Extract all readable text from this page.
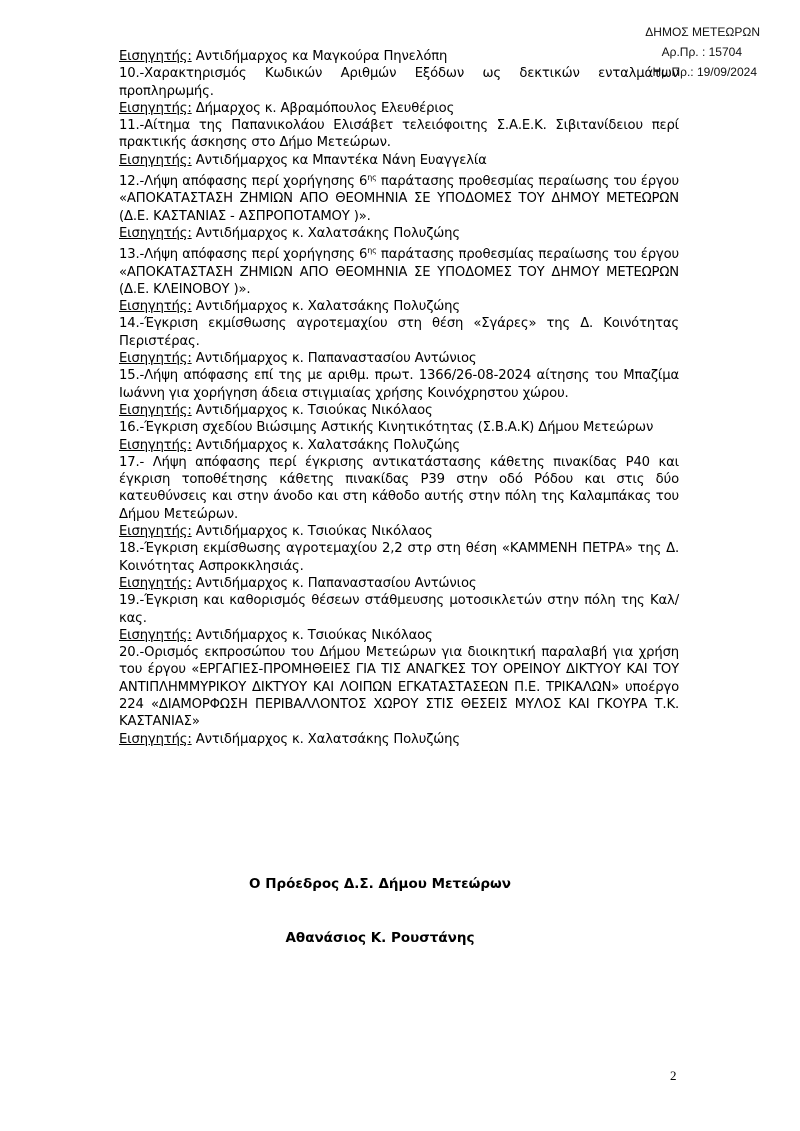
ΔΗΜΟΣ ΜΕΤΕΩΡΩΝ
Αρ.Πρ. : 15704
Ημ.Πρ.: 19/09/2024

Εισηγητής: Αντιδήμαρχος κα Μαγκούρα Πηνελόπη

10.-Χαρακτηρισμός Κωδικών Αριθμών Εξόδων ως δεκτικών ενταλμάτων προπληρωμής.

Εισηγητής: Δήμαρχος κ. Αβραμόπουλος Ελευθέριος

11.-Αίτημα της Παπανικολάου Ελισάβετ τελειόφοιτης Σ.Α.Ε.Κ. Σιβιτανίδειου περί πρακτικής άσκησης στο Δήμο Μετεώρων.

Εισηγητής: Αντιδήμαρχος κα Μπαντέκα Νάνη Ευαγγελία

12.-Λήψη απόφασης περί χορήγησης $6^{\eta\varsigma}$ παράτασης προθεσμίας περαίωσης του έργου «ΑΠΟΚΑΤΑΣΤΑΣΗ ΖΗΜΙΩΝ ΑΠΟ ΘΕΟΜΗΝΙΑ ΣΕ ΥΠΟΔΟΜΕΣ ΤΟΥ ΔΗΜΟΥ ΜΕΤΕΩΡΩΝ (Δ.Ε. ΚΑΣΤΑΝΙΑΣ - ΑΣΠΡΟΠΟΤΑΜΟΥ )».

Εισηγητής: Αντιδήμαρχος κ. Χαλατσάκης Πολυζώης

13.-Λήψη απόφασης περί χορήγησης $6^{\eta\varsigma}$ παράτασης προθεσμίας περαίωσης του έργου «ΑΠΟΚΑΤΑΣΤΑΣΗ ΖΗΜΙΩΝ ΑΠΟ ΘΕΟΜΗΝΙΑ ΣΕ ΥΠΟΔΟΜΕΣ ΤΟΥ ΔΗΜΟΥ ΜΕΤΕΩΡΩΝ (Δ.Ε. ΚΛΕΙΝΟΒΟΥ )».

Εισηγητής: Αντιδήμαρχος κ. Χαλατσάκης Πολυζώης

14.-Έγκριση εκμίσθωσης αγροτεμαχίου στη θέση «Σγάρες» της Δ. Κοινότητας Περιστέρας.

Εισηγητής: Αντιδήμαρχος κ. Παπαναστασίου Αντώνιος

15.-Λήψη απόφασης επί της με αριθμ. πρωτ. 1366/26-08-2024 αίτησης του Μπαζίμα Ιωάννη για χορήγηση άδεια στιγμιαίας χρήσης Κοινόχρηστου χώρου.

Εισηγητής: Αντιδήμαρχος κ. Τσιούκας Νικόλαος

16.-Έγκριση σχεδίου Βιώσιμης Αστικής Κινητικότητας (Σ.Β.Α.Κ) Δήμου Μετεώρων

Εισηγητής: Αντιδήμαρχος κ. Χαλατσάκης Πολυζώης

17.- Λήψη απόφασης περί έγκρισης αντικατάστασης κάθετης πινακίδας Ρ40 και έγκριση τοποθέτησης κάθετης πινακίδας Ρ39 στην οδό Ρόδου και στις δύο κατευθύνσεις και στην άνοδο και στη κάθοδο αυτής στην πόλη της Καλαμπάκας του Δήμου Μετεώρων.

Εισηγητής: Αντιδήμαρχος κ. Τσιούκας Νικόλαος

18.-Έγκριση εκμίσθωσης αγροτεμαχίου 2,2 στρ στη θέση «ΚΑΜΜΕΝΗ ΠΕΤΡΑ» της Δ. Κοινότητας Ασπροκκλησιάς.

Εισηγητής: Αντιδήμαρχος κ. Παπαναστασίου Αντώνιος

19.-Έγκριση και καθορισμός θέσεων στάθμευσης μοτοσικλετών στην πόλη της Καλ/κας.

Εισηγητής: Αντιδήμαρχος κ. Τσιούκας Νικόλαος

20.-Ορισμός εκπροσώπου του Δήμου Μετεώρων για διοικητική παραλαβή για χρήση του έργου «ΕΡΓΑΓΙΕΣ-ΠΡΟΜΗΘΕΙΕΣ ΓΙΑ ΤΙΣ ΑΝΑΓΚΕΣ ΤΟΥ ΟΡΕΙΝΟΥ ΔΙΚΤΥΟΥ ΚΑΙ ΤΟΥ ΑΝΤΙΠΛΗΜΜΥΡΙΚΟΥ ΔΙΚΤΥΟΥ ΚΑΙ ΛΟΙΠΩΝ ΕΓΚΑΤΑΣΤΑΣΕΩΝ Π.Ε. ΤΡΙΚΑΛΩΝ» υποέργο 224 «ΔΙΑΜΟΡΦΩΣΗ ΠΕΡΙΒΑΛΛΟΝΤΟΣ ΧΩΡΟΥ ΣΤΙΣ ΘΕΣΕΙΣ ΜΥΛΟΣ ΚΑΙ ΓΚΟΥΡΑ Τ.Κ. ΚΑΣΤΑΝΙΑΣ»

Εισηγητής: Αντιδήμαρχος κ. Χαλατσάκης Πολυζώης

Ο Πρόεδρος Δ.Σ. Δήμου Μετεώρων
Αθανάσιος Κ. Ρουστάνης
2
